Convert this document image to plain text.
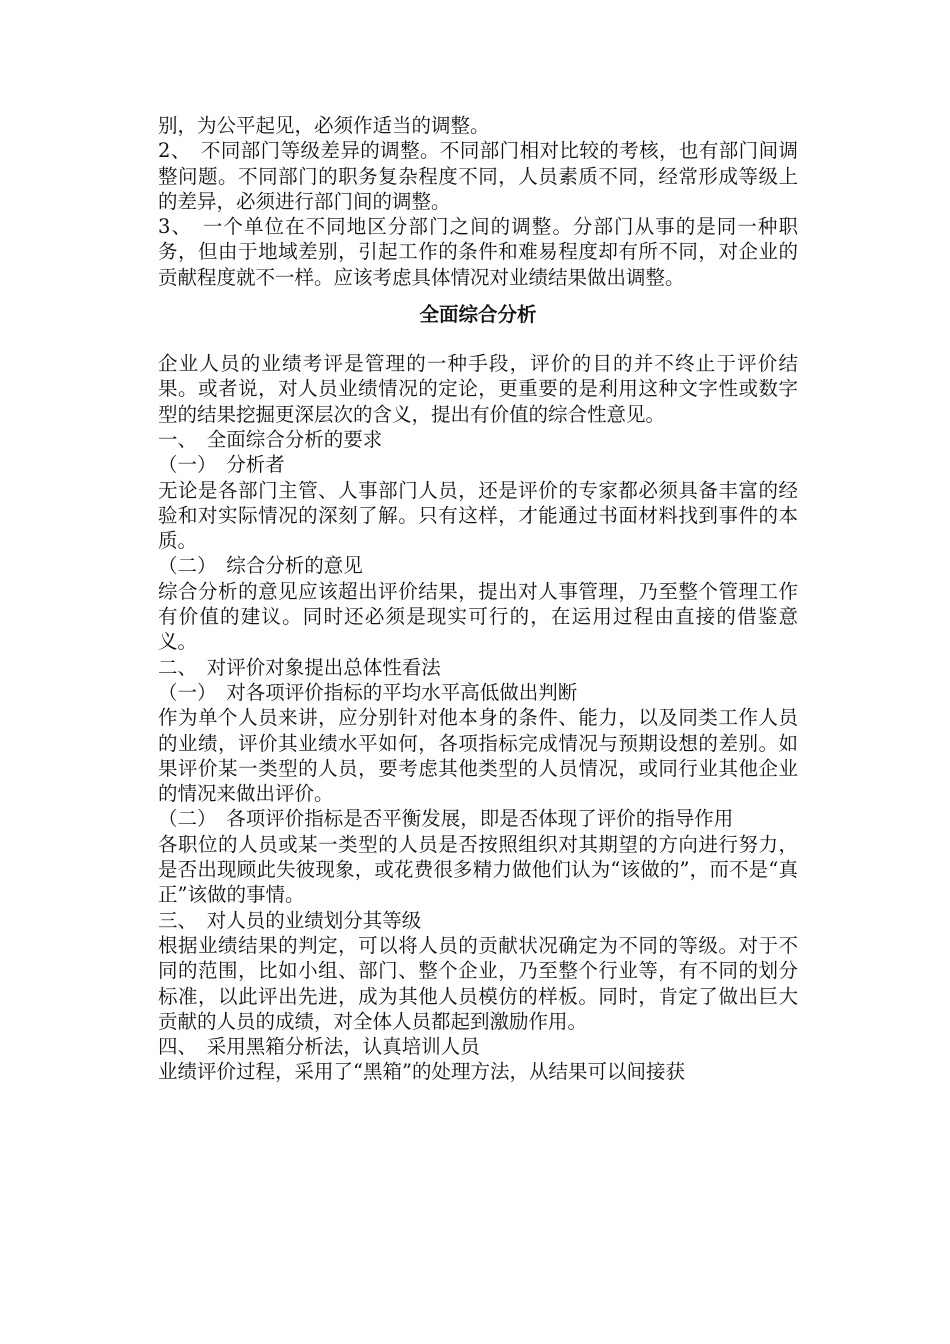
别，为公平起见，必须作适当的调整。

2、　不同部门等级差异的调整。不同部门相对比较的考核，也有部门间调整问题。不同部门的职务复杂程度不同，人员素质不同，经常形成等级上的差异，必须进行部门间的调整。

3、　一个单位在不同地区分部门之间的调整。分部门从事的是同一种职务，但由于地域差别，引起工作的条件和难易程度却有所不同，对企业的贡献程度就不一样。应该考虑具体情况对业绩结果做出调整。

全面综合分析

企业人员的业绩考评是管理的一种手段，评价的目的并不终止于评价结果。或者说，对人员业绩情况的定论，更重要的是利用这种文字性或数字型的结果挖掘更深层次的含义，提出有价值的综合性意见。

一、　全面综合分析的要求

（一）　分析者

无论是各部门主管、人事部门人员，还是评价的专家都必须具备丰富的经验和对实际情况的深刻了解。只有这样，才能通过书面材料找到事件的本质。

（二）　综合分析的意见

综合分析的意见应该超出评价结果，提出对人事管理，乃至整个管理工作有价值的建议。同时还必须是现实可行的，在运用过程由直接的借鉴意义。

二、　对评价对象提出总体性看法

（一）　对各项评价指标的平均水平高低做出判断

作为单个人员来讲，应分别针对他本身的条件、能力，以及同类工作人员的业绩，评价其业绩水平如何，各项指标完成情况与预期设想的差别。如果评价某一类型的人员，要考虑其他类型的人员情况，或同行业其他企业的情况来做出评价。

（二）　各项评价指标是否平衡发展，即是否体现了评价的指导作用

各职位的人员或某一类型的人员是否按照组织对其期望的方向进行努力，是否出现顾此失彼现象，或花费很多精力做他们认为“该做的”，而不是“真正”该做的事情。

三、　对人员的业绩划分其等级

根据业绩结果的判定，可以将人员的贡献状况确定为不同的等级。对于不同的范围，比如小组、部门、整个企业，乃至整个行业等，有不同的划分标准，以此评出先进，成为其他人员模仿的样板。同时，肯定了做出巨大贡献的人员的成绩，对全体人员都起到激励作用。

四、　采用黑箱分析法，认真培训人员

业绩评价过程，采用了“黑箱”的处理方法，从结果可以间接获
